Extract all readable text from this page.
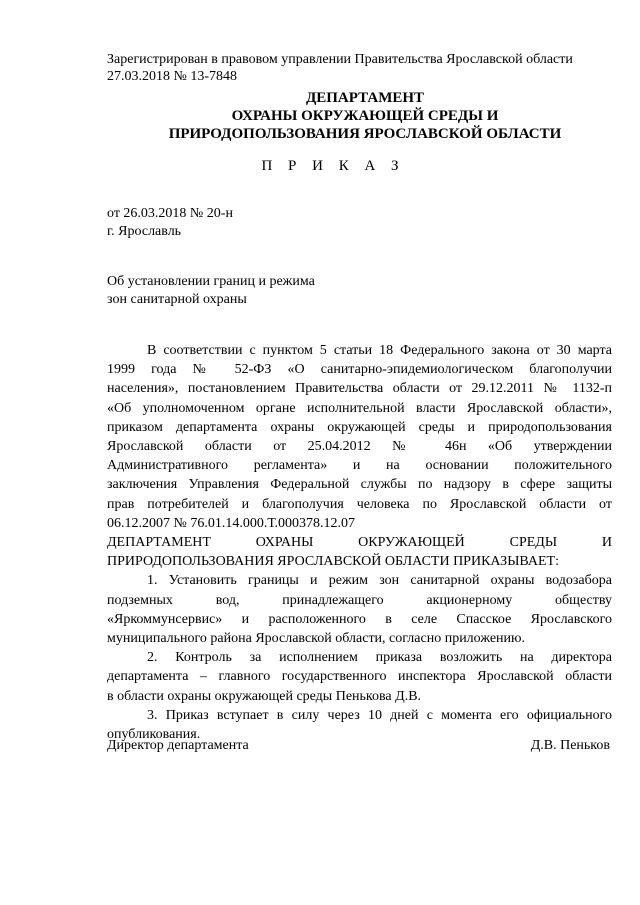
Зарегистрирован в правовом управлении Правительства Ярославской области
27.03.2018 № 13-7848
ДЕПАРТАМЕНТ
ОХРАНЫ ОКРУЖАЮЩЕЙ СРЕДЫ И
ПРИРОДОПОЛЬЗОВАНИЯ ЯРОСЛАВСКОЙ ОБЛАСТИ
П Р И К А З
от 26.03.2018 № 20-н
г. Ярославль
Об установлении границ и режима
зон санитарной охраны

В соответствии с пунктом 5 статьи 18 Федерального закона от 30 марта

1999 года № 52-ФЗ «О санитарно-эпидемиологическом благополучии

населения», постановлением Правительства области от 29.12.2011 № 1132-п

«Об уполномоченном органе исполнительной власти Ярославской области»,

приказом департамента охраны окружающей среды и природопользования

Ярославской области от 25.04.2012 № 46н «Об утверждении

Административного регламента» и на основании положительного

заключения Управления Федеральной службы по надзору в сфере защиты

прав потребителей и благополучия человека по Ярославской области от

06.12.2007 № 76.01.14.000.Т.000378.12.07

ДЕПАРТАМЕНТ ОХРАНЫ ОКРУЖАЮЩЕЙ СРЕДЫ И

ПРИРОДОПОЛЬЗОВАНИЯ ЯРОСЛАВСКОЙ ОБЛАСТИ ПРИКАЗЫВАЕТ:

1. Установить границы и режим зон санитарной охраны водозабора

подземных вод, принадлежащего акционерному обществу

«Яркоммунсервис» и расположенного в селе Спасское Ярославского

муниципального района Ярославской области, согласно приложению.

2. Контроль за исполнением приказа возложить на директора

департамента – главного государственного инспектора Ярославской области

в области охраны окружающей среды Пенькова Д.В.

3. Приказ вступает в силу через 10 дней с момента его официального

опубликования.

Директор департамента	Д.В. Пеньков
